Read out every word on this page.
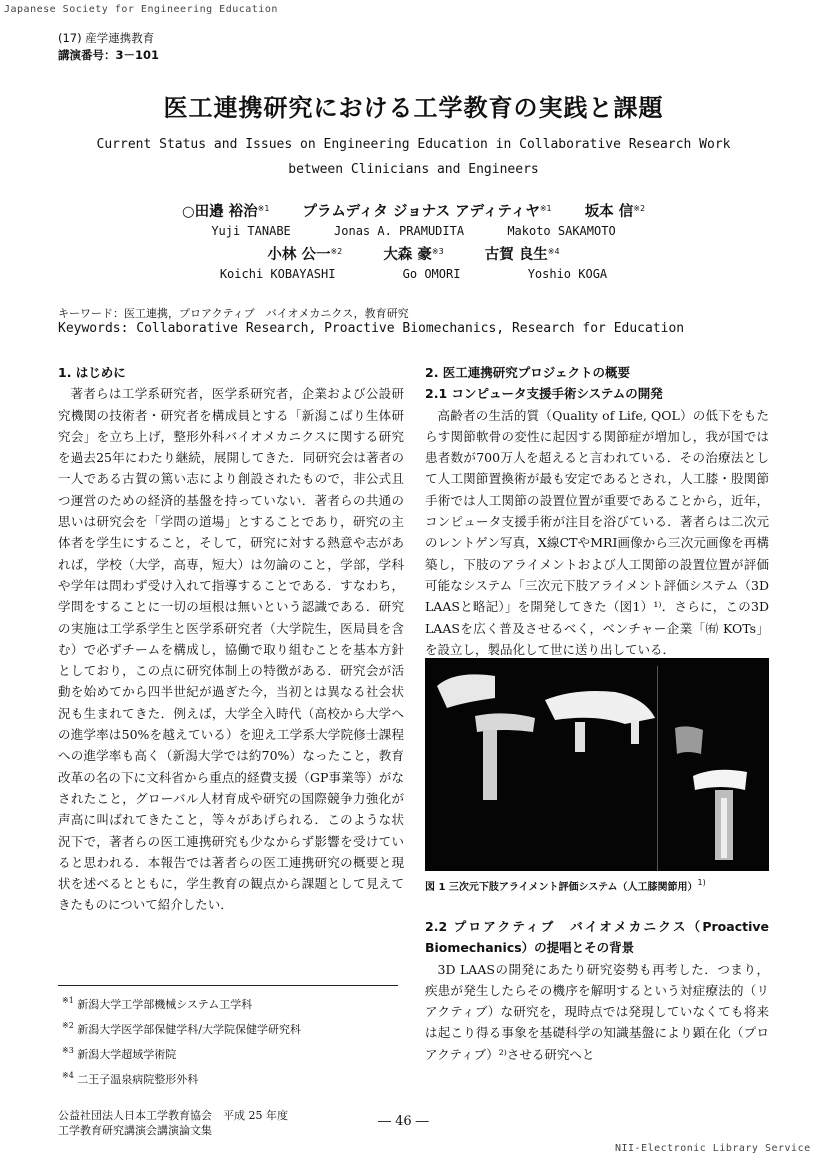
Japanese Society for Engineering Education
(17) 産学連携教育
講演番号：3－101
医工連携研究における工学教育の実践と課題
Current Status and Issues on Engineering Education in Collaborative Research Work
between Clinicians and Engineers
○田邉 裕治$^{※1}$ プラムディタ ジョナス アディティヤ$^{※1}$ 坂本 信$^{※2}$
Yuji TANABE	Jonas A. PRAMUDITA	Makoto SAKAMOTO
小林 公一$^{※2}$	大森 豪$^{※3}$	古賀 良生$^{※4}$
Koichi KOBAYASHI	Go OMORI	Yoshio KOGA
キーワード：医工連携，プロアクティブ　バイオメカニクス，教育研究
Keywords: Collaborative Research, Proactive Biomechanics, Research for Education
1. はじめに

著者らは工学系研究者，医学系研究者，企業および公設研究機関の技術者・研究者を構成員とする「新潟こばり生体研究会」を立ち上げ，整形外科バイオメカニクスに関する研究を過去25年にわたり継続，展開してきた．同研究会は著者の一人である古賀の篤い志により創設されたもので，非公式且つ運営のための経済的基盤を持っていない．著者らの共通の思いは研究会を「学問の道場」とすることであり，研究の主体者を学生にすること，そして，研究に対する熱意や志があれば，学校（大学，高専，短大）は勿論のこと，学部，学科や学年は問わず受け入れて指導することである．すなわち，学問をすることに一切の垣根は無いという認識である．研究の実施は工学系学生と医学系研究者（大学院生，医局員を含む）で必ずチームを構成し，協働で取り組むことを基本方針としており，この点に研究体制上の特徴がある．研究会が活動を始めてから四半世紀が過ぎた今，当初とは異なる社会状況も生まれてきた．例えば，大学全入時代（高校から大学への進学率は50%を越えている）を迎え工学系大学院修士課程への進学率も高く（新潟大学では約70%）なったこと，教育改革の名の下に文科省から重点的経費支援（GP事業等）がなされたこと，グローバル人材育成や研究の国際競争力強化が声高に叫ばれてきたこと，等々があげられる．このような状況下で，著者らの医工連携研究も少なからず影響を受けていると思われる．本報告では著者らの医工連携研究の概要と現状を述べるとともに，学生教育の観点から課題として見えてきたものについて紹介したい．

2. 医工連携研究プロジェクトの概要
2.1 コンピュータ支援手術システムの開発

高齢者の生活的質（Quality of Life, QOL）の低下をもたらす関節軟骨の変性に起因する関節症が増加し，我が国では患者数が700万人を超えると言われている．その治療法として人工関節置換術が最も安定であるとされ，人工膝・股関節手術では人工関節の設置位置が重要であることから，近年，コンピュータ支援手術が注目を浴びている．著者らは二次元のレントゲン写真，X線CTやMRI画像から三次元画像を再構築し，下肢のアライメントおよび人工関節の設置位置が評価可能なシステム「三次元下肢アライメント評価システム（3D LAASと略記）」を開発してきた（図1）¹⁾．さらに，この3D LAASを広く普及させるべく，ベンチャー企業「㈲ KOTs」を設立し，製品化して世に送り出している．

図 1 三次元下肢アライメント評価システム（人工膝関節用）$^{1)}$
2.2 プロアクティブ　バイオメカニクス（Proactive Biomechanics）の提唱とその背景

3D LAASの開発にあたり研究姿勢も再考した．つまり，疾患が発生したらその機序を解明するという対症療法的（リアクティブ）な研究を，現時点では発現していなくても将来は起こり得る事象を基礎科学の知識基盤により顕在化（プロアクティブ）²⁾させる研究へと

$^{※1}$ 新潟大学工学部機械システム工学科
$^{※2}$ 新潟大学医学部保健学科/大学院保健学研究科
$^{※3}$ 新潟大学超域学術院
$^{※4}$ 二王子温泉病院整形外科
公益社団法人日本工学教育協会　平成 25 年度
工学教育研究講演会講演論文集
― 46 ―
NII-Electronic Library Service
